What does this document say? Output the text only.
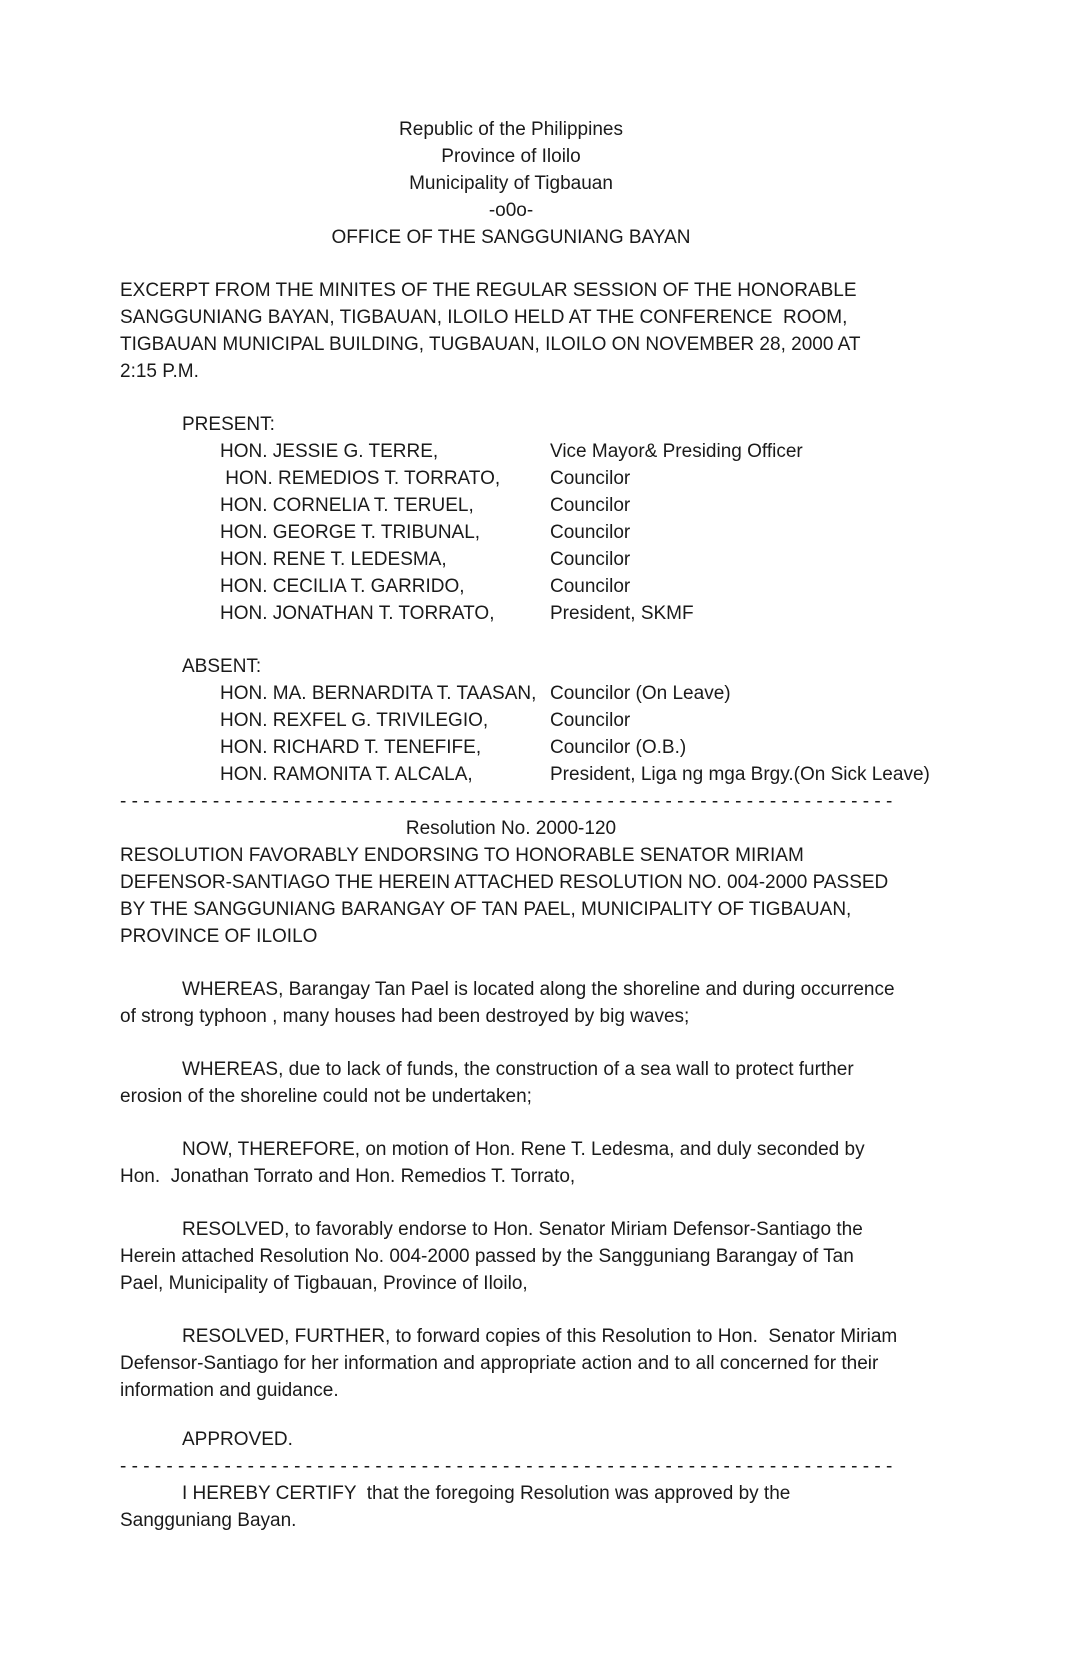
Republic of the Philippines
Province of Iloilo
Municipality of Tigbauan
-o0o-
OFFICE OF THE SANGGUNIANG BAYAN
EXCERPT FROM THE MINITES OF THE REGULAR SESSION OF THE HONORABLE SANGGUNIANG BAYAN, TIGBAUAN, ILOILO HELD AT THE CONFERENCE  ROOM, TIGBAUAN MUNICIPAL BUILDING, TUGBAUAN, ILOILO ON NOVEMBER 28, 2000 AT 2:15 P.M.
PRESENT:
HON. JESSIE G. TERRE,	Vice Mayor& Presiding Officer
HON. REMEDIOS T. TORRATO,	Councilor
HON. CORNELIA T. TERUEL,	Councilor
HON. GEORGE T. TRIBUNAL,	Councilor
HON. RENE T. LEDESMA,	Councilor
HON. CECILIA T. GARRIDO,	Councilor
HON. JONATHAN T. TORRATO,	President, SKMF
ABSENT:
HON. MA. BERNARDITA T. TAASAN, Councilor (On Leave)
HON. REXFEL G. TRIVILEGIO,	Councilor
HON. RICHARD T. TENEFIFE,	Councilor (O.B.)
HON. RAMONITA T. ALCALA,	President, Liga ng mga Brgy.(On Sick Leave)
- - - - - - - - - - - - - - - - - - - - - - - - - - - - - - - - - - - - - - - - - - - - - - - - - - - - - - - - - - - - - - - - - - -
Resolution No. 2000-120
RESOLUTION FAVORABLY ENDORSING TO HONORABLE SENATOR MIRIAM DEFENSOR-SANTIAGO THE HEREIN ATTACHED RESOLUTION NO. 004-2000 PASSED BY THE SANGGUNIANG BARANGAY OF TAN PAEL, MUNICIPALITY OF TIGBAUAN, PROVINCE OF ILOILO
WHEREAS, Barangay Tan Pael is located along the shoreline and during occurrence of strong typhoon , many houses had been destroyed by big waves;
WHEREAS, due to lack of funds, the construction of a sea wall to protect further erosion of the shoreline could not be undertaken;
NOW, THEREFORE, on motion of Hon. Rene T. Ledesma, and duly seconded by Hon.  Jonathan Torrato and Hon. Remedios T. Torrato,
RESOLVED, to favorably endorse to Hon. Senator Miriam Defensor-Santiago the Herein attached Resolution No. 004-2000 passed by the Sangguniang Barangay of Tan Pael, Municipality of Tigbauan, Province of Iloilo,
RESOLVED, FURTHER, to forward copies of this Resolution to Hon.  Senator Miriam Defensor-Santiago for her information and appropriate action and to all concerned for their information and guidance.
APPROVED.
- - - - - - - - - - - - - - - - - - - - - - - - - - - - - - - - - - - - - - - - - - - - - - - - - - - - - - - - - - - - - - - - - - -
I HEREBY CERTIFY  that the foregoing Resolution was approved by the Sangguniang Bayan.
